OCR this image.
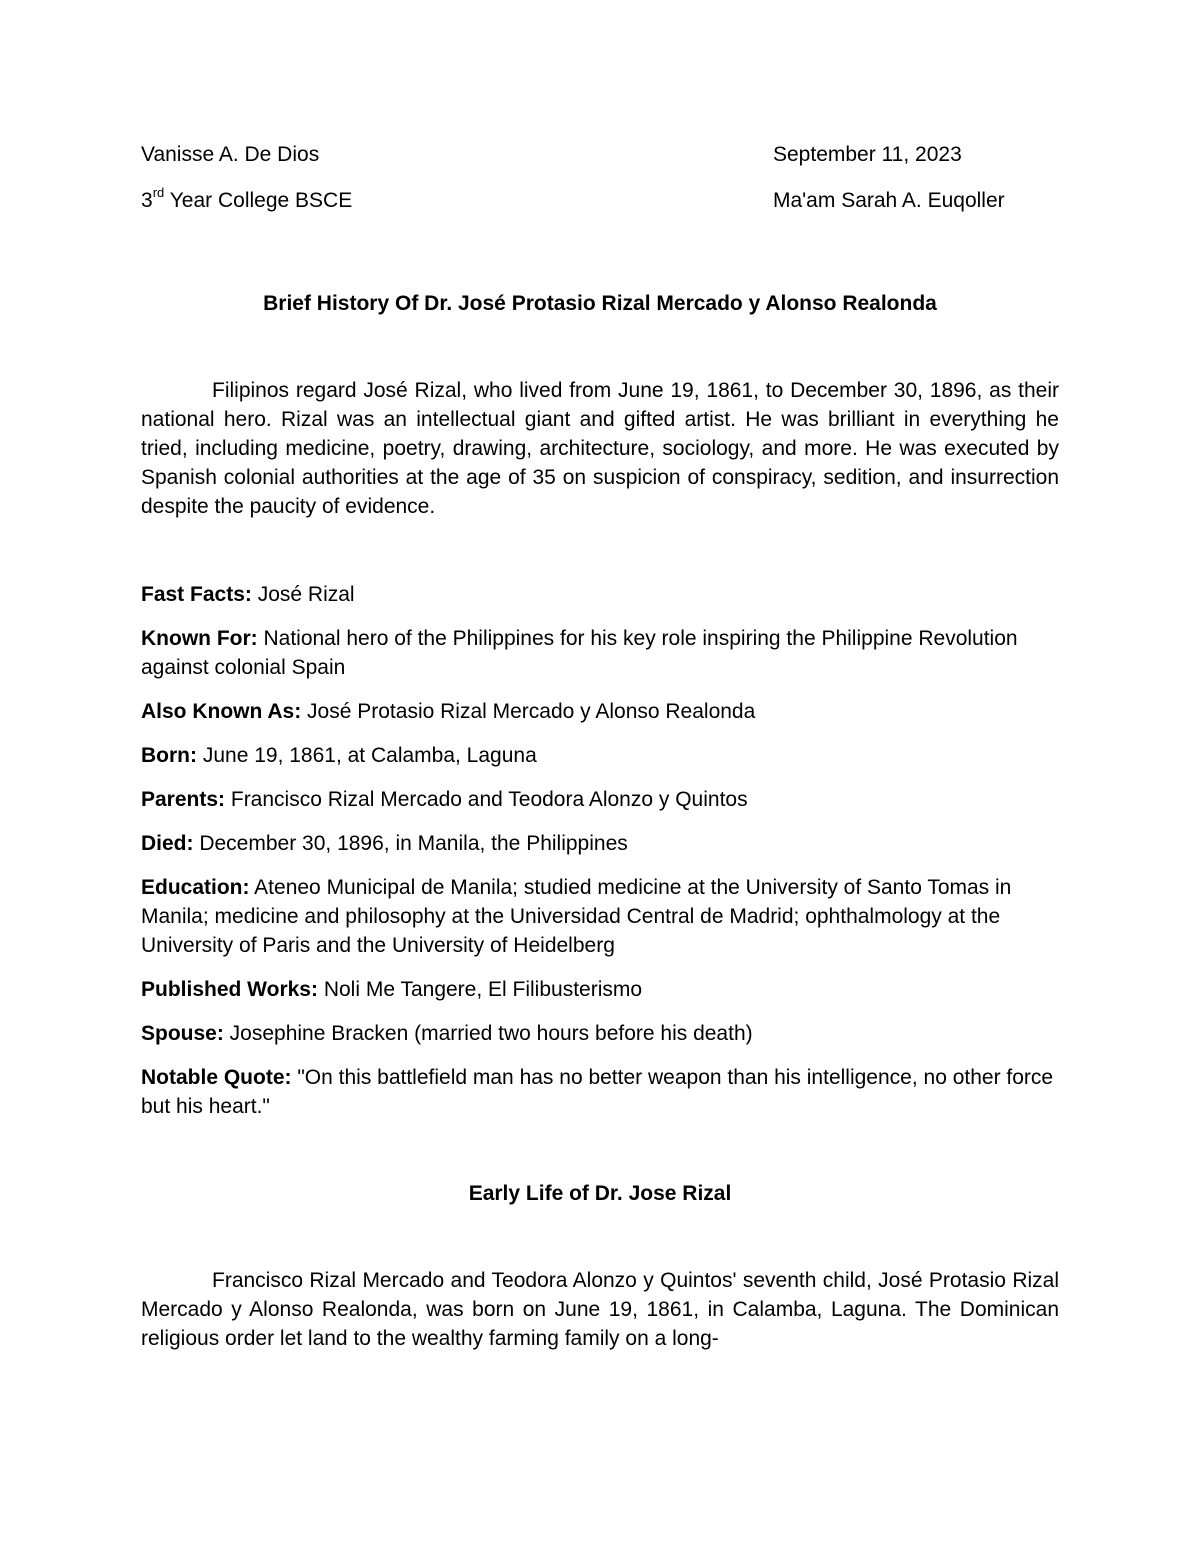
Vanisse A. De Dios	September 11, 2023
3rd Year College BSCE	Ma'am Sarah A. Euqoller

Brief History Of Dr. José Protasio Rizal Mercado y Alonso Realonda

Filipinos regard José Rizal, who lived from June 19, 1861, to December 30, 1896, as their national hero. Rizal was an intellectual giant and gifted artist. He was brilliant in everything he tried, including medicine, poetry, drawing, architecture, sociology, and more. He was executed by Spanish colonial authorities at the age of 35 on suspicion of conspiracy, sedition, and insurrection despite the paucity of evidence.

Fast Facts: José Rizal

Known For: National hero of the Philippines for his key role inspiring the Philippine Revolution against colonial Spain

Also Known As: José Protasio Rizal Mercado y Alonso Realonda

Born: June 19, 1861, at Calamba, Laguna

Parents: Francisco Rizal Mercado and Teodora Alonzo y Quintos

Died: December 30, 1896, in Manila, the Philippines

Education: Ateneo Municipal de Manila; studied medicine at the University of Santo Tomas in Manila; medicine and philosophy at the Universidad Central de Madrid; ophthalmology at the University of Paris and the University of Heidelberg

Published Works: Noli Me Tangere, El Filibusterismo

Spouse: Josephine Bracken (married two hours before his death)

Notable Quote: "On this battlefield man has no better weapon than his intelligence, no other force but his heart."

Early Life of Dr. Jose Rizal

Francisco Rizal Mercado and Teodora Alonzo y Quintos' seventh child, José Protasio Rizal Mercado y Alonso Realonda, was born on June 19, 1861, in Calamba, Laguna. The Dominican religious order let land to the wealthy farming family on a long-
